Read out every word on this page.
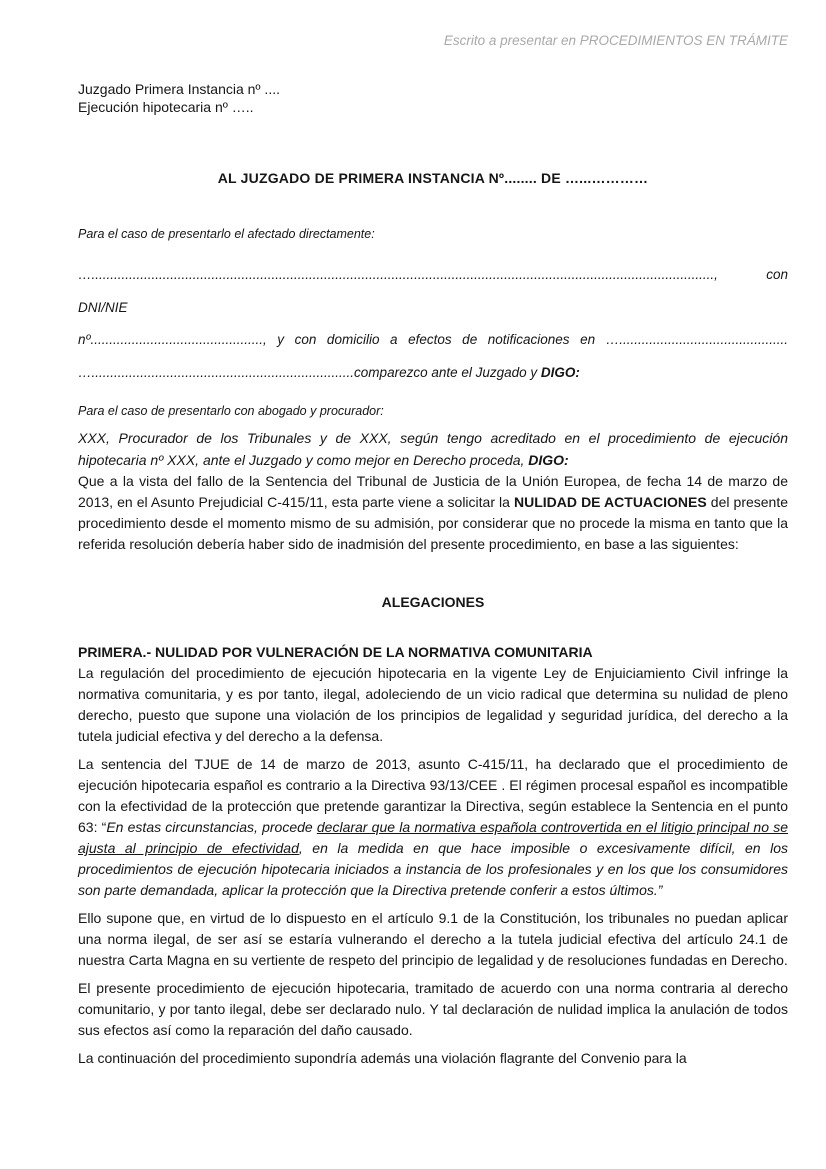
Escrito a presentar en PROCEDIMIENTOS EN TRÁMITE
Juzgado Primera Instancia nº ....
Ejecución hipotecaria nº …..
AL JUZGADO DE PRIMERA INSTANCIA Nº........ DE …...…………
Para el caso de presentarlo el afectado directamente:
…......................................................................................................................................................................, con DNI/NIE
nº.............................................., y con domicilio a efectos de notificaciones en ….............................................
…......................................................................comparezco ante el Juzgado y DIGO:
Para el caso de presentarlo con abogado y procurador:

XXX, Procurador de los Tribunales y de XXX, según tengo acreditado en el procedimiento de ejecución hipotecaria nº XXX, ante el Juzgado y como mejor en Derecho proceda, DIGO:

Que a la vista del fallo de la Sentencia del Tribunal de Justicia de la Unión Europea, de fecha 14 de marzo de 2013, en el Asunto Prejudicial C-415/11, esta parte viene a solicitar la NULIDAD DE ACTUACIONES del presente procedimiento desde el momento mismo de su admisión, por considerar que no procede la misma en tanto que la referida resolución debería haber sido de inadmisión del presente procedimiento, en base a las siguientes:

ALEGACIONES
PRIMERA.- NULIDAD POR VULNERACIÓN DE LA NORMATIVA COMUNITARIA

La regulación del procedimiento de ejecución hipotecaria en la vigente Ley de Enjuiciamiento Civil infringe la normativa comunitaria, y es por tanto, ilegal, adoleciendo de un vicio radical que determina su nulidad de pleno derecho, puesto que supone una violación de los principios de legalidad y seguridad jurídica, del derecho a la tutela judicial efectiva y del derecho a la defensa.

La sentencia del TJUE de 14 de marzo de 2013, asunto C-415/11, ha declarado que el procedimiento de ejecución hipotecaria español es contrario a la Directiva 93/13/CEE . El régimen procesal español es incompatible con la efectividad de la protección que pretende garantizar la Directiva, según establece la Sentencia en el punto 63: “En estas circunstancias, procede declarar que la normativa española controvertida en el litigio principal no se ajusta al principio de efectividad, en la medida en que hace imposible o excesivamente difícil, en los procedimientos de ejecución hipotecaria iniciados a instancia de los profesionales y en los que los consumidores son parte demandada, aplicar la protección que la Directiva pretende conferir a estos últimos.”

Ello supone que, en virtud de lo dispuesto en el artículo 9.1 de la Constitución, los tribunales no puedan aplicar una norma ilegal, de ser así se estaría vulnerando el derecho a la tutela judicial efectiva del artículo 24.1 de nuestra Carta Magna en su vertiente de respeto del principio de legalidad y de resoluciones fundadas en Derecho.

El presente procedimiento de ejecución hipotecaria, tramitado de acuerdo con una norma contraria al derecho comunitario, y por tanto ilegal, debe ser declarado nulo. Y tal declaración de nulidad implica la anulación de todos sus efectos así como la reparación del daño causado.

La continuación del procedimiento supondría además una violación flagrante del Convenio para la
